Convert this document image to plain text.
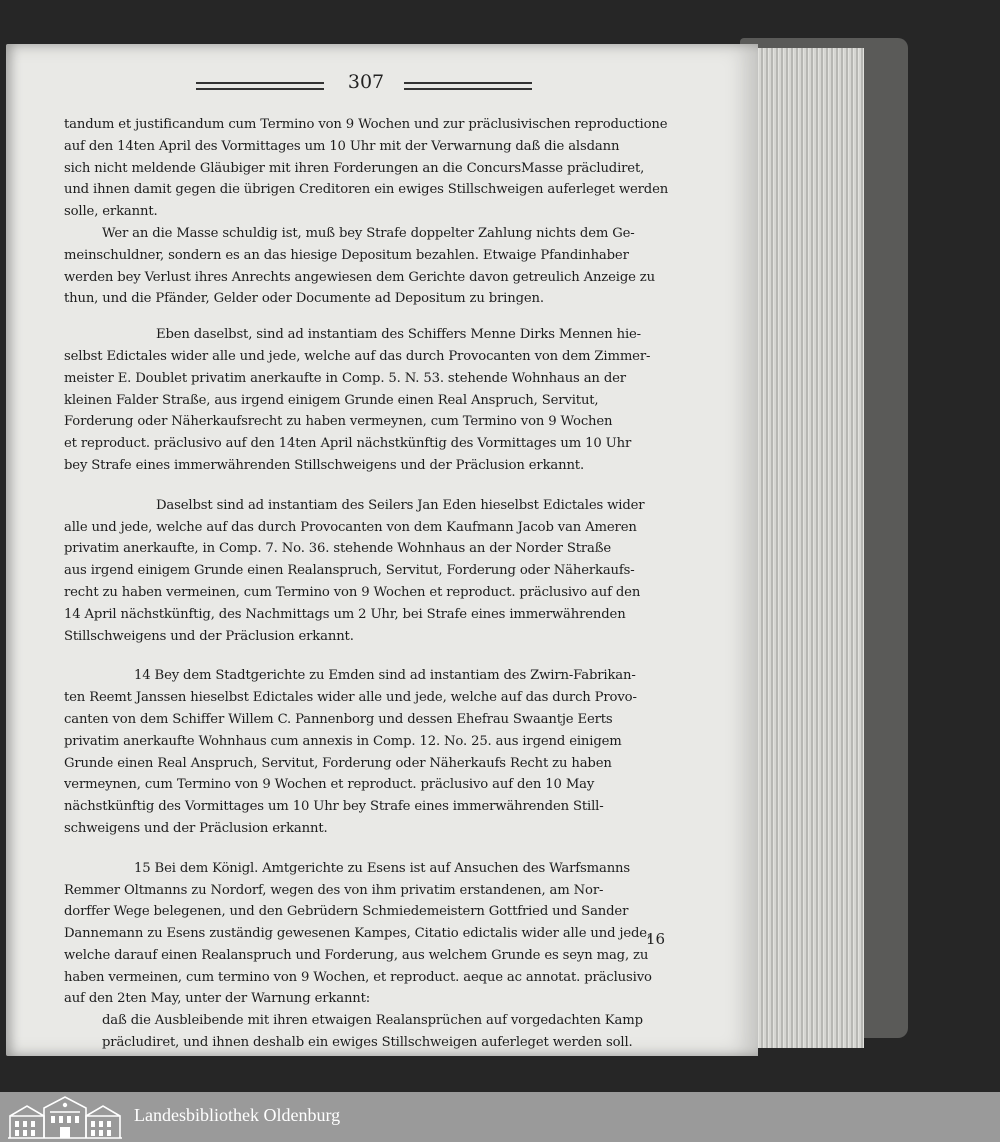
307
tandum et justificandum cum Termino von 9 Wochen und zur präclusivischen reproductione
auf den 14ten April des Vormittages um 10 Uhr mit der Verwarnung daß die alsdann
sich nicht meldende Gläubiger mit ihren Forderungen an die ConcursMasse präcludiret,
und ihnen damit gegen die übrigen Creditoren ein ewiges Stillschweigen auferleget werden
solle, erkannt.
Wer an die Masse schuldig ist, muß bey Strafe doppelter Zahlung nichts dem Ge-
meinschuldner, sondern es an das hiesige Depositum bezahlen. Etwaige Pfandinhaber
werden bey Verlust ihres Anrechts angewiesen dem Gerichte davon getreulich Anzeige zu
thun, und die Pfänder, Gelder oder Documente ad Depositum zu bringen.
Eben daselbst, sind ad instantiam des Schiffers Menne Dirks Mennen hie-
selbst Edictales wider alle und jede, welche auf das durch Provocanten von dem Zimmer-
meister E. Doublet privatim anerkaufte in Comp. 5. N. 53. stehende Wohnhaus an der
kleinen Falder Straße, aus irgend einigem Grunde einen Real Anspruch, Servitut,
Forderung oder Näherkaufsrecht zu haben vermeynen, cum Termino von 9 Wochen
et reproduct. präclusivo auf den 14ten April nächstkünftig des Vormittages um 10 Uhr
bey Strafe eines immerwährenden Stillschweigens und der Präclusion erkannt.
Daselbst sind ad instantiam des Seilers Jan Eden hieselbst Edictales wider
alle und jede, welche auf das durch Provocanten von dem Kaufmann Jacob van Ameren
privatim anerkaufte, in Comp. 7. No. 36. stehende Wohnhaus an der Norder Straße
aus irgend einigem Grunde einen Realanspruch, Servitut, Forderung oder Näherkaufs-
recht zu haben vermeinen, cum Termino von 9 Wochen et reproduct. präclusivo auf den
14 April nächstkünftig, des Nachmittags um 2 Uhr, bei Strafe eines immerwährenden
Stillschweigens und der Präclusion erkannt.
14 Bey dem Stadtgerichte zu Emden sind ad instantiam des Zwirn-Fabrikan-
ten Reemt Janssen hieselbst Edictales wider alle und jede, welche auf das durch Provo-
canten von dem Schiffer Willem C. Pannenborg und dessen Ehefrau Swaantje Eerts
privatim anerkaufte Wohnhaus cum annexis in Comp. 12. No. 25. aus irgend einigem
Grunde einen Real Anspruch, Servitut, Forderung oder Näherkaufs Recht zu haben
vermeynen, cum Termino von 9 Wochen et reproduct. präclusivo auf den 10 May
nächstkünftig des Vormittages um 10 Uhr bey Strafe eines immerwährenden Still-
schweigens und der Präclusion erkannt.
15 Bei dem Königl. Amtgerichte zu Esens ist auf Ansuchen des Warfsmanns
Remmer Oltmanns zu Nordorf, wegen des von ihm privatim erstandenen, am Nor-
dorffer Wege belegenen, und den Gebrüdern Schmiedemeistern Gottfried und Sander
Dannemann zu Esens zuständig gewesenen Kampes, Citatio edictalis wider alle und jede,
welche darauf einen Realanspruch und Forderung, aus welchem Grunde es seyn mag, zu
haben vermeinen, cum termino von 9 Wochen, et reproduct. aeque ac annotat. präclusivo
auf den 2ten May, unter der Warnung erkannt:
daß die Ausbleibende mit ihren etwaigen Realansprüchen auf vorgedachten Kamp
präcludiret, und ihnen deshalb ein ewiges Stillschweigen auferleget werden soll.
16
Landesbibliothek Oldenburg
